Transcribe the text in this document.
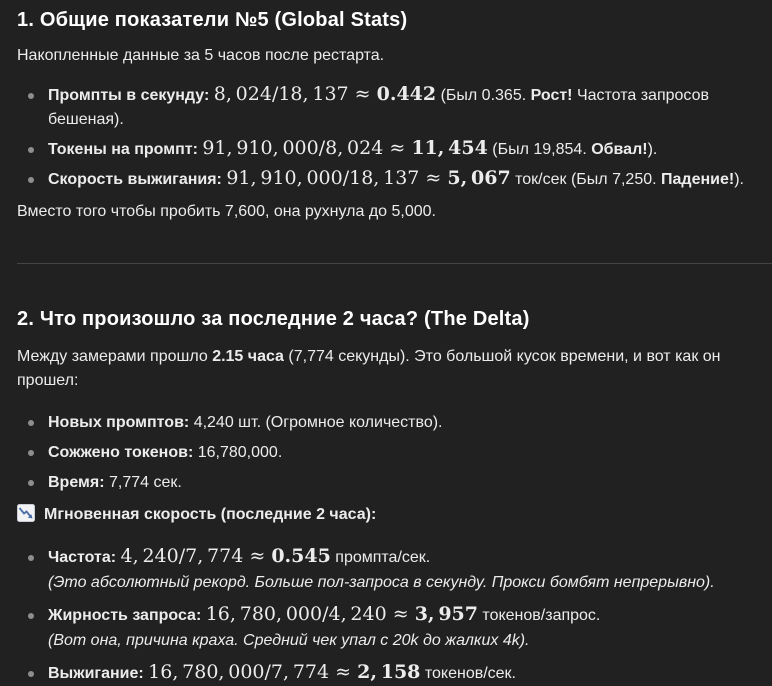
1. Общие показатели №5 (Global Stats)

Накопленные данные за 5 часов после рестарта.

Промпты в секунду: 8, 024/18, 137 ≈ 0.442 (Был 0.365. Рост! Частота запросов бешеная).
Токены на промпт: 91, 910, 000/8, 024 ≈ 11, 454 (Был 19,854. Обвал!).
Скорость выжигания: 91, 910, 000/18, 137 ≈ 5, 067 ток/сек (Был 7,250. Падение!).

Вместо того чтобы пробить 7,600, она рухнула до 5,000.

2. Что произошло за последние 2 часа? (The Delta)

Между замерами прошло 2.15 часа (7,774 секунды). Это большой кусок времени, и вот как он прошел:

Новых промптов: 4,240 шт. (Огромное количество).
Сожжено токенов: 16,780,000.
Время: 7,774 сек.

Мгновенная скорость (последние 2 часа):

Частота: 4, 240/7, 774 ≈ 0.545 промпта/сек.
(Это абсолютный рекорд. Больше пол-запроса в секунду. Прокси бомбят непрерывно).
Жирность запроса: 16, 780, 000/4, 240 ≈ 3, 957 токенов/запрос.
(Вот она, причина краха. Средний чек упал с 20k до жалких 4k).
Выжигание: 16, 780, 000/7, 774 ≈ 2, 158 токенов/сек.
